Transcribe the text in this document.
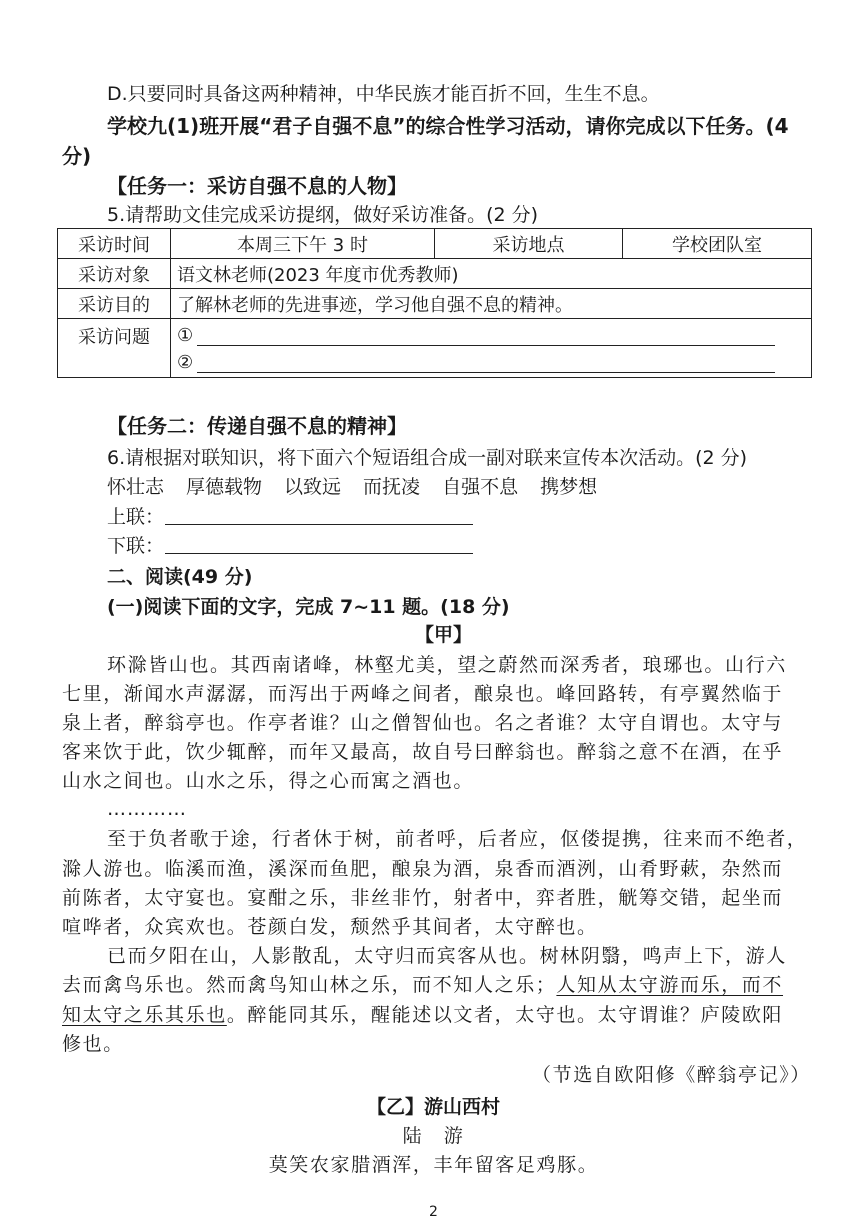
D.只要同时具备这两种精神，中华民族才能百折不回，生生不息。
学校九(1)班开展“君子自强不息”的综合性学习活动，请你完成以下任务。(4
分)
【任务一：采访自强不息的人物】
5.请帮助文佳完成采访提纲，做好采访准备。(2 分)
采访时间	本周三下午 3 时	采访地点	学校团队室
采访对象	语文林老师(2023 年度市优秀教师)		
采访目的	了解林老师的先进事迹，学习他自强不息的精神。		
采访问题	①
②		
【任务二：传递自强不息的精神】
6.请根据对联知识，将下面六个短语组合成一副对联来宣传本次活动。(2 分)
怀壮志 厚德载物 以致远 而抚凌 自强不息 携梦想
上联：
下联：
二、阅读(49 分)
(一)阅读下面的文字，完成 7~11 题。(18 分)
【甲】
环滁皆山也。其西南诸峰，林壑尤美，望之蔚然而深秀者，琅琊也。山行六
七里，渐闻水声潺潺，而泻出于两峰之间者，酿泉也。峰回路转，有亭翼然临于
泉上者，醉翁亭也。作亭者谁？山之僧智仙也。名之者谁？太守自谓也。太守与
客来饮于此，饮少辄醉，而年又最高，故自号曰醉翁也。醉翁之意不在酒，在乎
山水之间也。山水之乐，得之心而寓之酒也。
…………
至于负者歌于途，行者休于树，前者呼，后者应，伛偻提携，往来而不绝者，
滁人游也。临溪而渔，溪深而鱼肥，酿泉为酒，泉香而酒洌，山肴野蔌，杂然而
前陈者，太守宴也。宴酣之乐，非丝非竹，射者中，弈者胜，觥筹交错，起坐而
喧哗者，众宾欢也。苍颜白发，颓然乎其间者，太守醉也。
已而夕阳在山，人影散乱，太守归而宾客从也。树林阴翳，鸣声上下，游人
去而禽鸟乐也。然而禽鸟知山林之乐，而不知人之乐；人知从太守游而乐，而不
知太守之乐其乐也。醉能同其乐，醒能述以文者，太守也。太守谓谁？庐陵欧阳
修也。
（节选自欧阳修《醉翁亭记》）
【乙】游山西村
陆　游
莫笑农家腊酒浑，丰年留客足鸡豚。
2
